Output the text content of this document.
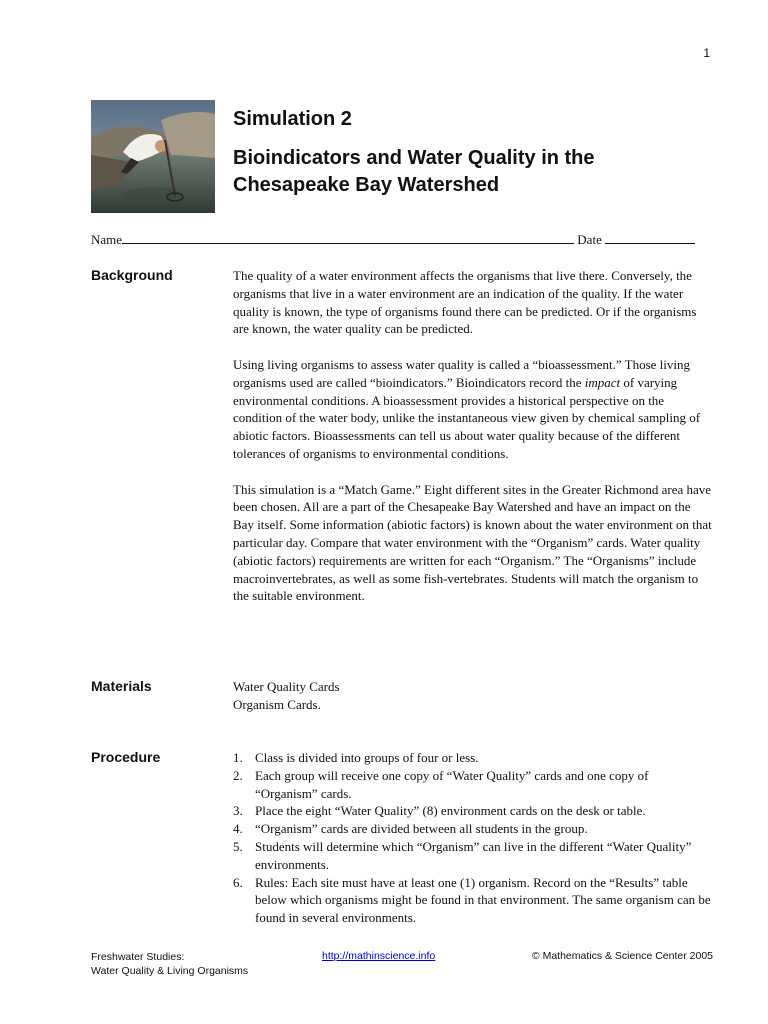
1
Simulation 2
Bioindicators and Water Quality in the Chesapeake Bay Watershed
Name	Date
Background	The quality of a water environment affects the organisms that live there. Conversely, the organisms that live in a water environment are an indication of the quality. If the water quality is known, the type of organisms found there can be predicted. Or if the organisms are known, the water quality can be predicted.

Using living organisms to assess water quality is called a “bioassessment.” Those living organisms used are called “bioindicators.” Bioindicators record the impact of varying environmental conditions. A bioassessment provides a historical perspective on the condition of the water body, unlike the instantaneous view given by chemical sampling of abiotic factors. Bioassessments can tell us about water quality because of the different tolerances of organisms to environmental conditions.

This simulation is a “Match Game.” Eight different sites in the Greater Richmond area have been chosen. All are a part of the Chesapeake Bay Watershed and have an impact on the Bay itself. Some information (abiotic factors) is known about the water environment on that particular day. Compare that water environment with the “Organism” cards. Water quality (abiotic factors) requirements are written for each “Organism.” The “Organisms” include macroinvertebrates, as well as some fish-vertebrates. Students will match the organism to the suitable environment.

Materials	Water Quality Cards
Organism Cards.
Procedure	1. Class is divided into groups of four or less.
2. Each group will receive one copy of “Water Quality” cards and one copy of “Organism” cards.
3. Place the eight “Water Quality” (8) environment cards on the desk or table.
4. “Organism” cards are divided between all students in the group.
5. Students will determine which “Organism” can live in the different “Water Quality” environments.
6. Rules: Each site must have at least one (1) organism. Record on the “Results” table below which organisms might be found in that environment. The same organism can be found in several environments.
Freshwater Studies:
Water Quality & Living Organisms
http://mathinscience.info	© Mathematics & Science Center 2005
